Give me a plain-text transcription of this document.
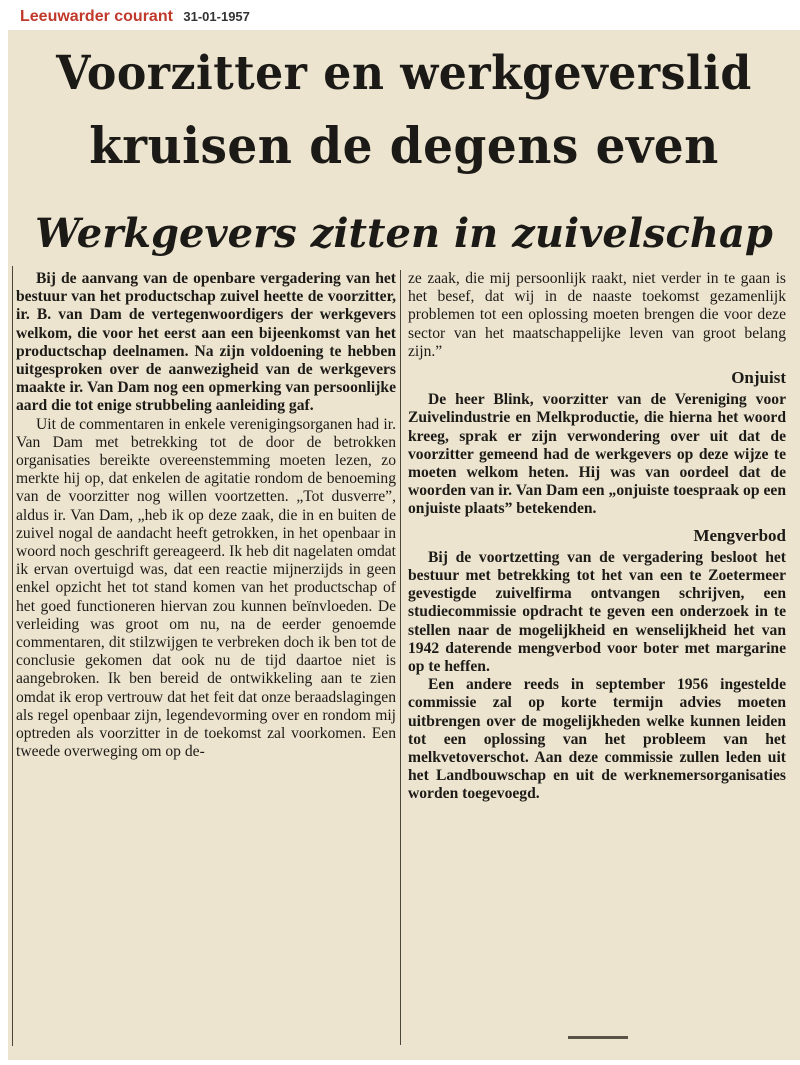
Leeuwarder courant 31-01-1957
Voorzitter en werkgeverslid
kruisen de degens even
Werkgevers zitten in zuivelschap

Bij de aanvang van de openbare vergadering van het bestuur van het productschap zuivel heette de voorzitter, ir. B. van Dam de vertegenwoordigers der werkgevers welkom, die voor het eerst aan een bijeenkomst van het productschap deelnamen. Na zijn voldoening te hebben uitgesproken over de aanwezigheid van de werkgevers maakte ir. Van Dam nog een opmerking van persoonlijke aard die tot enige strubbeling aanleiding gaf.

Uit de commentaren in enkele verenigingsorganen had ir. Van Dam met betrekking tot de door de betrokken organisaties bereikte overeenstemming moeten lezen, zo merkte hij op, dat enkelen de agitatie rondom de benoeming van de voorzitter nog willen voortzetten. „Tot dusverre”, aldus ir. Van Dam, „heb ik op deze zaak, die in en buiten de zuivel nogal de aandacht heeft getrokken, in het openbaar in woord noch geschrift gereageerd. Ik heb dit nagelaten omdat ik ervan overtuigd was, dat een reactie mijnerzijds in geen enkel opzicht het tot stand komen van het productschap of het goed functioneren hiervan zou kunnen beïnvloeden. De verleiding was groot om nu, na de eerder genoemde commentaren, dit stilzwijgen te verbreken doch ik ben tot de conclusie gekomen dat ook nu de tijd daartoe niet is aangebroken. Ik ben bereid de ontwikkeling aan te zien omdat ik erop vertrouw dat het feit dat onze beraadslagingen als regel openbaar zijn, legendevorming over en rondom mij optreden als voorzitter in de toekomst zal voorkomen. Een tweede overweging om op de-

ze zaak, die mij persoonlijk raakt, niet verder in te gaan is het besef, dat wij in de naaste toekomst gezamenlijk problemen tot een oplossing moeten brengen die voor deze sector van het maatschappelijke leven van groot belang zijn.”

Onjuist

De heer Blink, voorzitter van de Vereniging voor Zuivelindustrie en Melkproductie, die hierna het woord kreeg, sprak er zijn verwondering over uit dat de voorzitter gemeend had de werkgevers op deze wijze te moeten welkom heten. Hij was van oordeel dat de woorden van ir. Van Dam een „onjuiste toespraak op een onjuiste plaats” betekenden.

Mengverbod

Bij de voortzetting van de vergadering besloot het bestuur met betrekking tot het van een te Zoetermeer gevestigde zuivelfirma ontvangen schrijven, een studiecommissie opdracht te geven een onderzoek in te stellen naar de mogelijkheid en wenselijkheid het van 1942 daterende mengverbod voor boter met margarine op te heffen.

Een andere reeds in september 1956 ingestelde commissie zal op korte termijn advies moeten uitbrengen over de mogelijkheden welke kunnen leiden tot een oplossing van het probleem van het melkvetoverschot. Aan deze commissie zullen leden uit het Landbouwschap en uit de werknemersorganisaties worden toegevoegd.
